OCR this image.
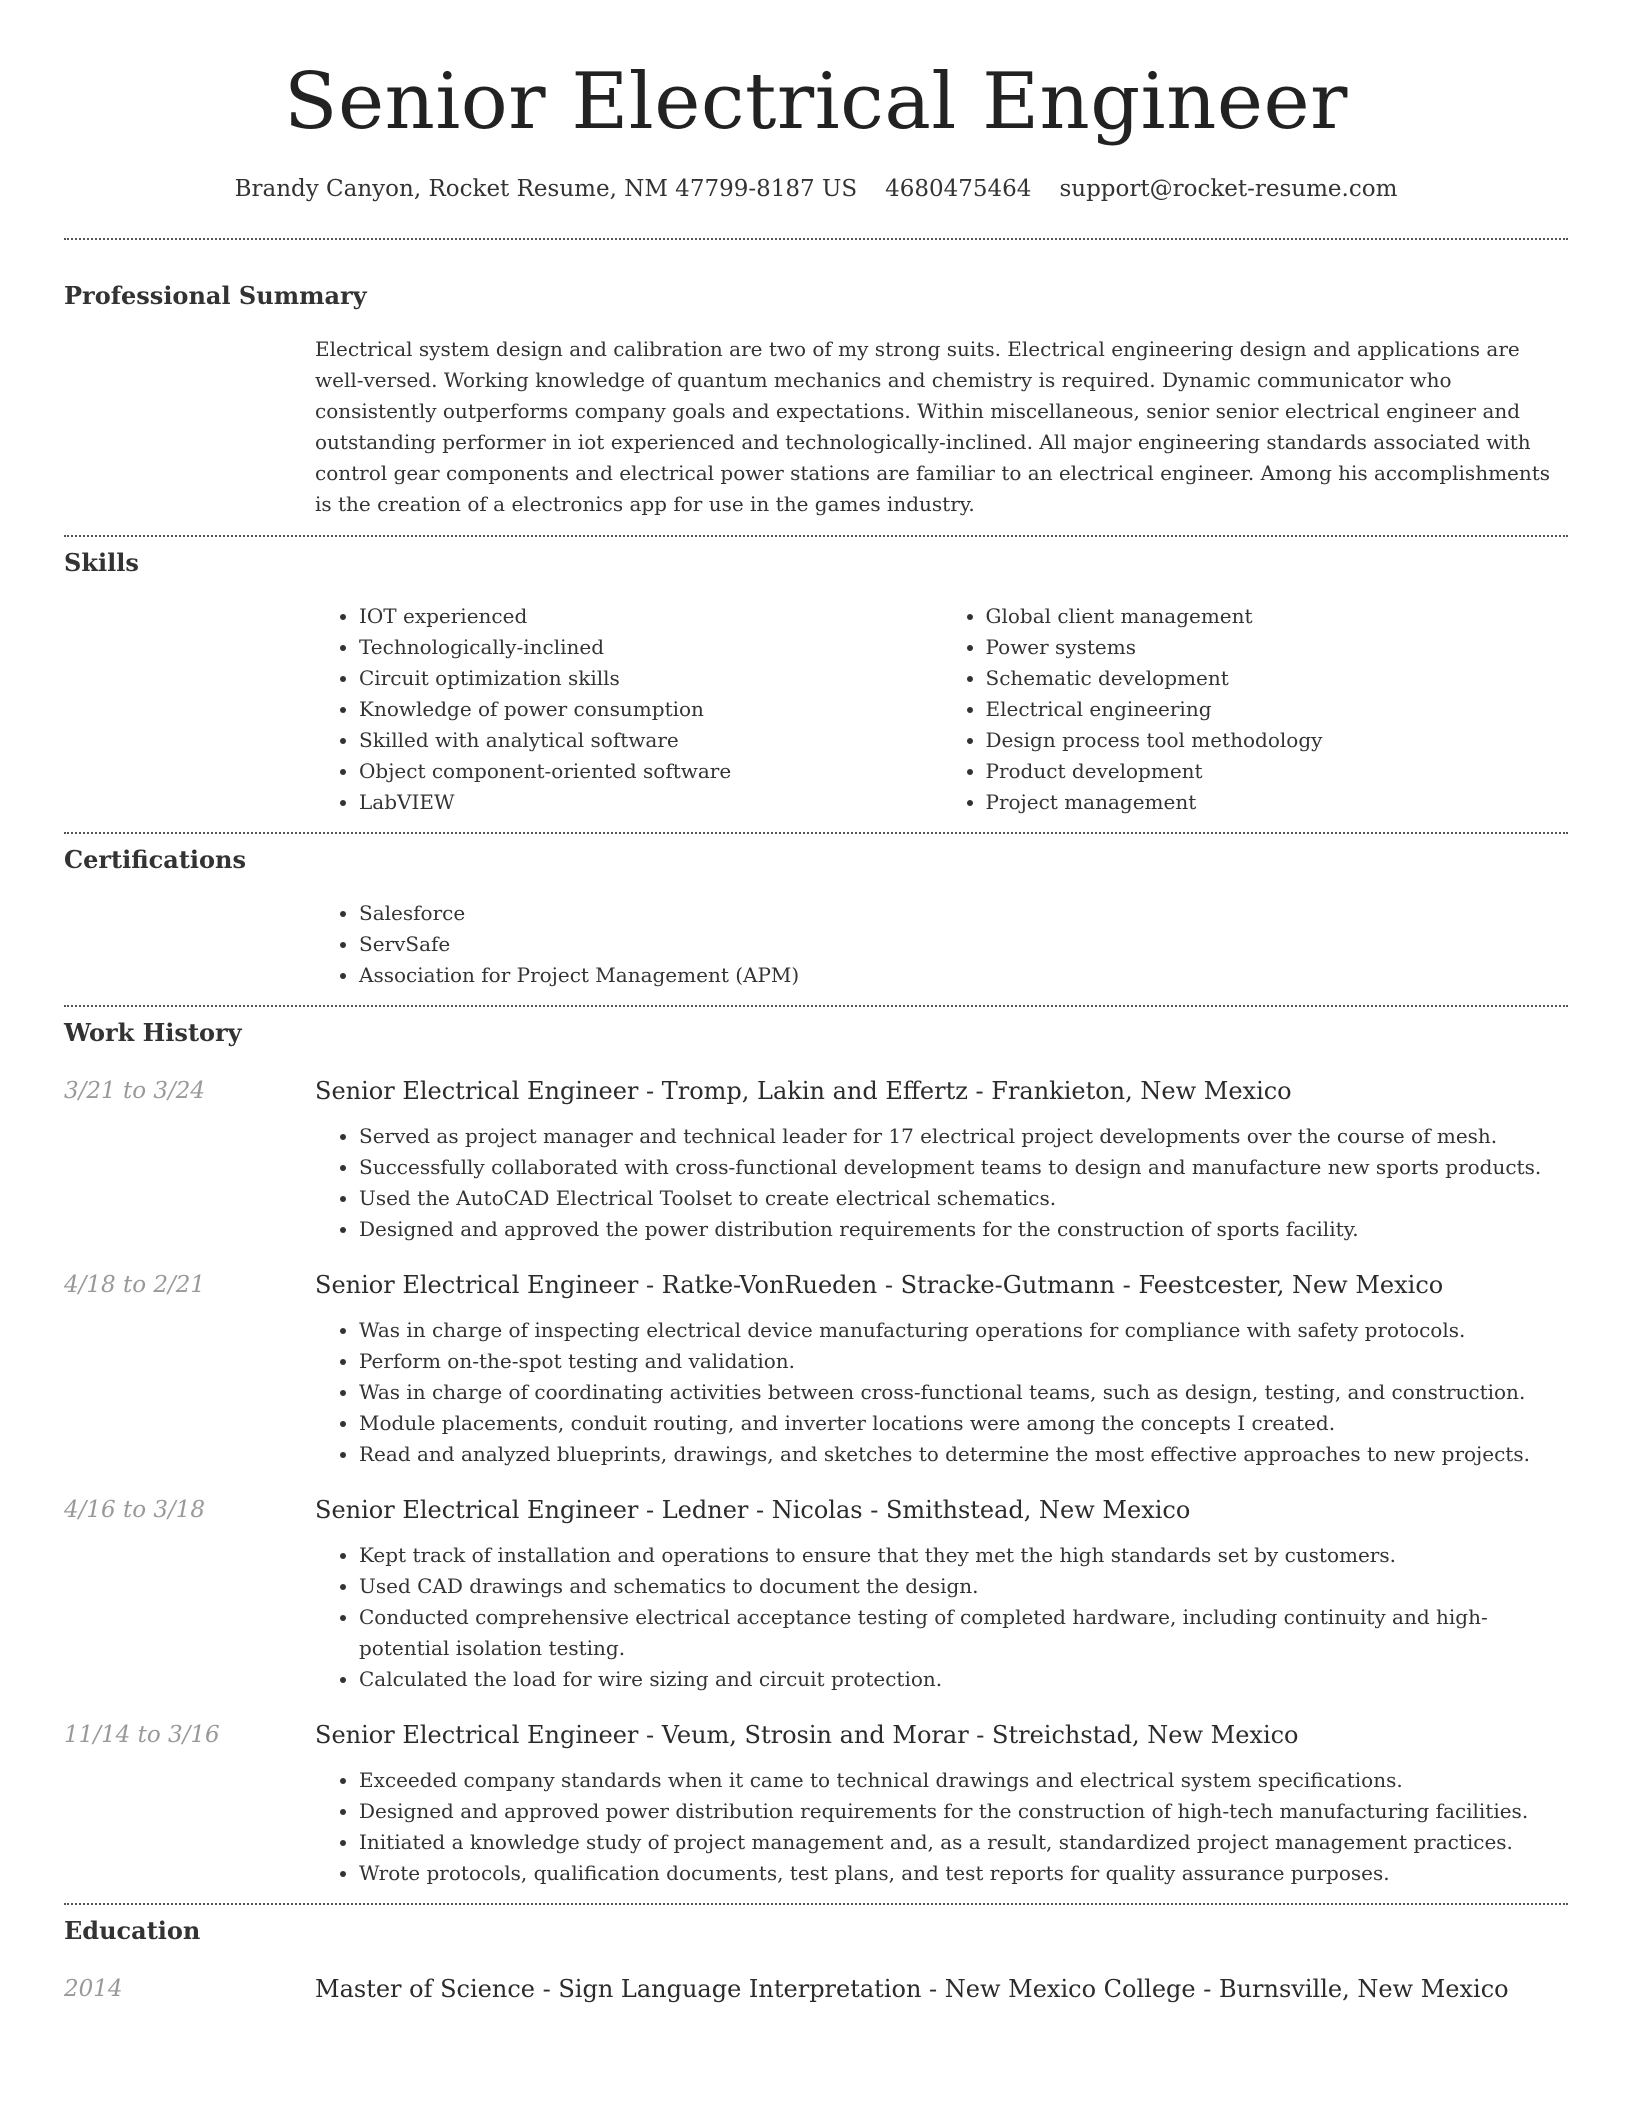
Senior Electrical Engineer
Brandy Canyon, Rocket Resume, NM 47799-8187 US 4680475464 support@rocket-resume.com
Professional Summary

Electrical system design and calibration are two of my strong suits. Electrical engineering design and applications are well-versed. Working knowledge of quantum mechanics and chemistry is required. Dynamic communicator who consistently outperforms company goals and expectations. Within miscellaneous, senior senior electrical engineer and outstanding performer in iot experienced and technologically-inclined. All major engineering standards associated with control gear components and electrical power stations are familiar to an electrical engineer. Among his accomplishments is the creation of a electronics app for use in the games industry.

Skills
• IOT experienced
• Technologically-inclined
• Circuit optimization skills
• Knowledge of power consumption
• Skilled with analytical software
• Object component-oriented software
• LabVIEW
• Global client management
• Power systems
• Schematic development
• Electrical engineering
• Design process tool methodology
• Product development
• Project management
Certifications
• Salesforce
• ServSafe
• Association for Project Management (APM)
Work History
3/21 to 3/24	Senior Electrical Engineer - Tromp, Lakin and Effertz - Frankieton, New Mexico
• Served as project manager and technical leader for 17 electrical project developments over the course of mesh.
• Successfully collaborated with cross-functional development teams to design and manufacture new sports products.
• Used the AutoCAD Electrical Toolset to create electrical schematics.
• Designed and approved the power distribution requirements for the construction of sports facility.
4/18 to 2/21	Senior Electrical Engineer - Ratke-VonRueden - Stracke-Gutmann - Feestcester, New Mexico
• Was in charge of inspecting electrical device manufacturing operations for compliance with safety protocols.
• Perform on-the-spot testing and validation.
• Was in charge of coordinating activities between cross-functional teams, such as design, testing, and construction.
• Module placements, conduit routing, and inverter locations were among the concepts I created.
• Read and analyzed blueprints, drawings, and sketches to determine the most effective approaches to new projects.
4/16 to 3/18	Senior Electrical Engineer - Ledner - Nicolas - Smithstead, New Mexico
• Kept track of installation and operations to ensure that they met the high standards set by customers.
• Used CAD drawings and schematics to document the design.
• Conducted comprehensive electrical acceptance testing of completed hardware, including continuity and high-potential isolation testing.
• Calculated the load for wire sizing and circuit protection.
11/14 to 3/16	Senior Electrical Engineer - Veum, Strosin and Morar - Streichstad, New Mexico
• Exceeded company standards when it came to technical drawings and electrical system specifications.
• Designed and approved power distribution requirements for the construction of high-tech manufacturing facilities.
• Initiated a knowledge study of project management and, as a result, standardized project management practices.
• Wrote protocols, qualification documents, test plans, and test reports for quality assurance purposes.
Education
2014	Master of Science - Sign Language Interpretation - New Mexico College - Burnsville, New Mexico
